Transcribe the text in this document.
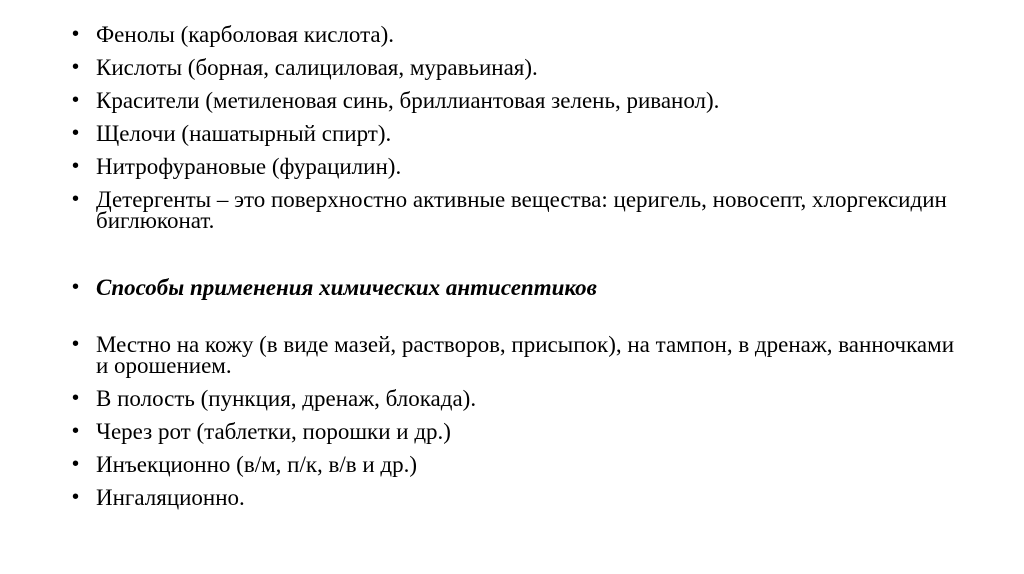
• Фенолы (карболовая кислота).
• Кислоты (борная, салициловая, муравьиная).
• Красители (метиленовая синь, бриллиантовая зелень, риванол).
• Щелочи (нашатырный спирт).
• Нитрофурановые (фурацилин).
• Детергенты – это поверхностно активные вещества: церигель, новосепт, хлоргексидин биглюконат.
• Способы применения химических антисептиков
• Местно на кожу (в виде мазей, растворов, присыпок), на тампон, в дренаж, ванночками и орошением.
• В полость (пункция, дренаж, блокада).
• Через рот (таблетки, порошки и др.)
• Инъекционно (в/м, п/к, в/в и др.)
• Ингаляционно.
